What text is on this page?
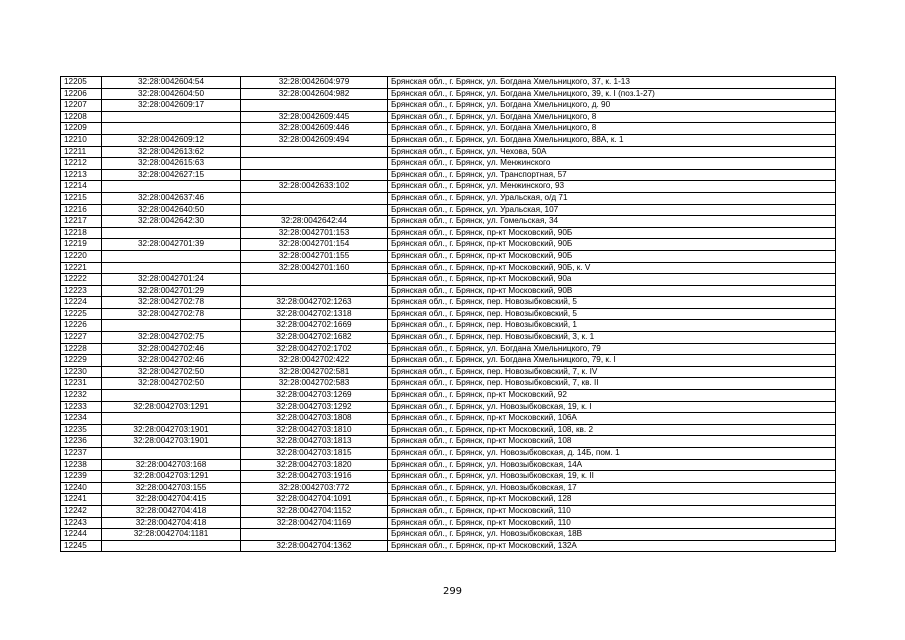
12205	32:28:0042604:54	32:28:0042604:979	Брянская обл., г. Брянск, ул. Богдана Хмельницкого, 37, к. 1-13
12206	32:28:0042604:50	32:28:0042604:982	Брянская обл., г. Брянск, ул. Богдана Хмельницкого, 39, к. I (поз.1-27)
12207	32:28:0042609:17		Брянская обл., г. Брянск, ул. Богдана Хмельницкого, д. 90
12208		32:28:0042609:445	Брянская обл., г. Брянск, ул. Богдана Хмельницкого, 8
12209		32:28:0042609:446	Брянская обл., г. Брянск, ул. Богдана Хмельницкого, 8
12210	32:28:0042609:12	32:28:0042609:494	Брянская обл., г. Брянск, ул. Богдана Хмельницкого, 88А, к. 1
12211	32:28:0042613:62		Брянская обл., г. Брянск, ул. Чехова, 50А
12212	32:28:0042615:63		Брянская обл., г. Брянск, ул. Менжинского
12213	32:28:0042627:15		Брянская обл., г. Брянск, ул. Транспортная, 57
12214		32:28:0042633:102	Брянская обл., г. Брянск, ул. Менжинского, 93
12215	32:28:0042637:46		Брянская обл., г. Брянск, ул. Уральская, о/д 71
12216	32:28:0042640:50		Брянская обл., г. Брянск, ул. Уральская, 107
12217	32:28:0042642:30	32:28:0042642:44	Брянская обл., г. Брянск, ул. Гомельская, 34
12218		32:28:0042701:153	Брянская обл., г. Брянск, пр-кт Московский, 90Б
12219	32:28:0042701:39	32:28:0042701:154	Брянская обл., г. Брянск, пр-кт Московский, 90Б
12220		32:28:0042701:155	Брянская обл., г. Брянск, пр-кт Московский, 90Б
12221		32:28:0042701:160	Брянская обл., г. Брянск, пр-кт Московский, 90Б, к. V
12222	32:28:0042701:24		Брянская обл., г. Брянск, пр-кт Московский, 90а
12223	32:28:0042701:29		Брянская обл., г. Брянск, пр-кт Московский, 90В
12224	32:28:0042702:78	32:28:0042702:1263	Брянская обл., г. Брянск, пер. Новозыбковский, 5
12225	32:28:0042702:78	32:28:0042702:1318	Брянская обл., г. Брянск, пер. Новозыбковский, 5
12226		32:28:0042702:1669	Брянская обл., г. Брянск, пер. Новозыбковский, 1
12227	32:28:0042702:75	32:28:0042702:1682	Брянская обл., г. Брянск, пер. Новозыбковский, 3, к. 1
12228	32:28:0042702:46	32:28:0042702:1702	Брянская обл., г. Брянск, ул. Богдана Хмельницкого, 79
12229	32:28:0042702:46	32:28:0042702:422	Брянская обл., г. Брянск, ул. Богдана Хмельницкого, 79, к. I
12230	32:28:0042702:50	32:28:0042702:581	Брянская обл., г. Брянск, пер. Новозыбковский, 7, к. IV
12231	32:28:0042702:50	32:28:0042702:583	Брянская обл., г. Брянск, пер. Новозыбковский, 7, кв. II
12232		32:28:0042703:1269	Брянская обл., г. Брянск, пр-кт Московский, 92
12233	32:28:0042703:1291	32:28:0042703:1292	Брянская обл., г. Брянск, ул. Новозыбковская, 19, к. I
12234		32:28:0042703:1808	Брянская обл., г. Брянск, пр-кт Московский, 106А
12235	32:28:0042703:1901	32:28:0042703:1810	Брянская обл., г. Брянск, пр-кт Московский, 108, кв. 2
12236	32:28:0042703:1901	32:28:0042703:1813	Брянская обл., г. Брянск, пр-кт Московский, 108
12237		32:28:0042703:1815	Брянская обл., г. Брянск, ул. Новозыбковская, д. 14Б, пом. 1
12238	32:28:0042703:168	32:28:0042703:1820	Брянская обл., г. Брянск, ул. Новозыбковская, 14А
12239	32:28:0042703:1291	32:28:0042703:1916	Брянская обл., г. Брянск, ул. Новозыбковская, 19, к. II
12240	32:28:0042703:155	32:28:0042703:772	Брянская обл., г. Брянск, ул. Новозыбковская, 17
12241	32:28:0042704:415	32:28:0042704:1091	Брянская обл., г. Брянск, пр-кт Московский, 128
12242	32:28:0042704:418	32:28:0042704:1152	Брянская обл., г. Брянск, пр-кт Московский, 110
12243	32:28:0042704:418	32:28:0042704:1169	Брянская обл., г. Брянск, пр-кт Московский, 110
12244	32:28:0042704:1181		Брянская обл., г. Брянск, ул. Новозыбковская, 18В
12245		32:28:0042704:1362	Брянская обл., г. Брянск, пр-кт Московский, 132А
299
